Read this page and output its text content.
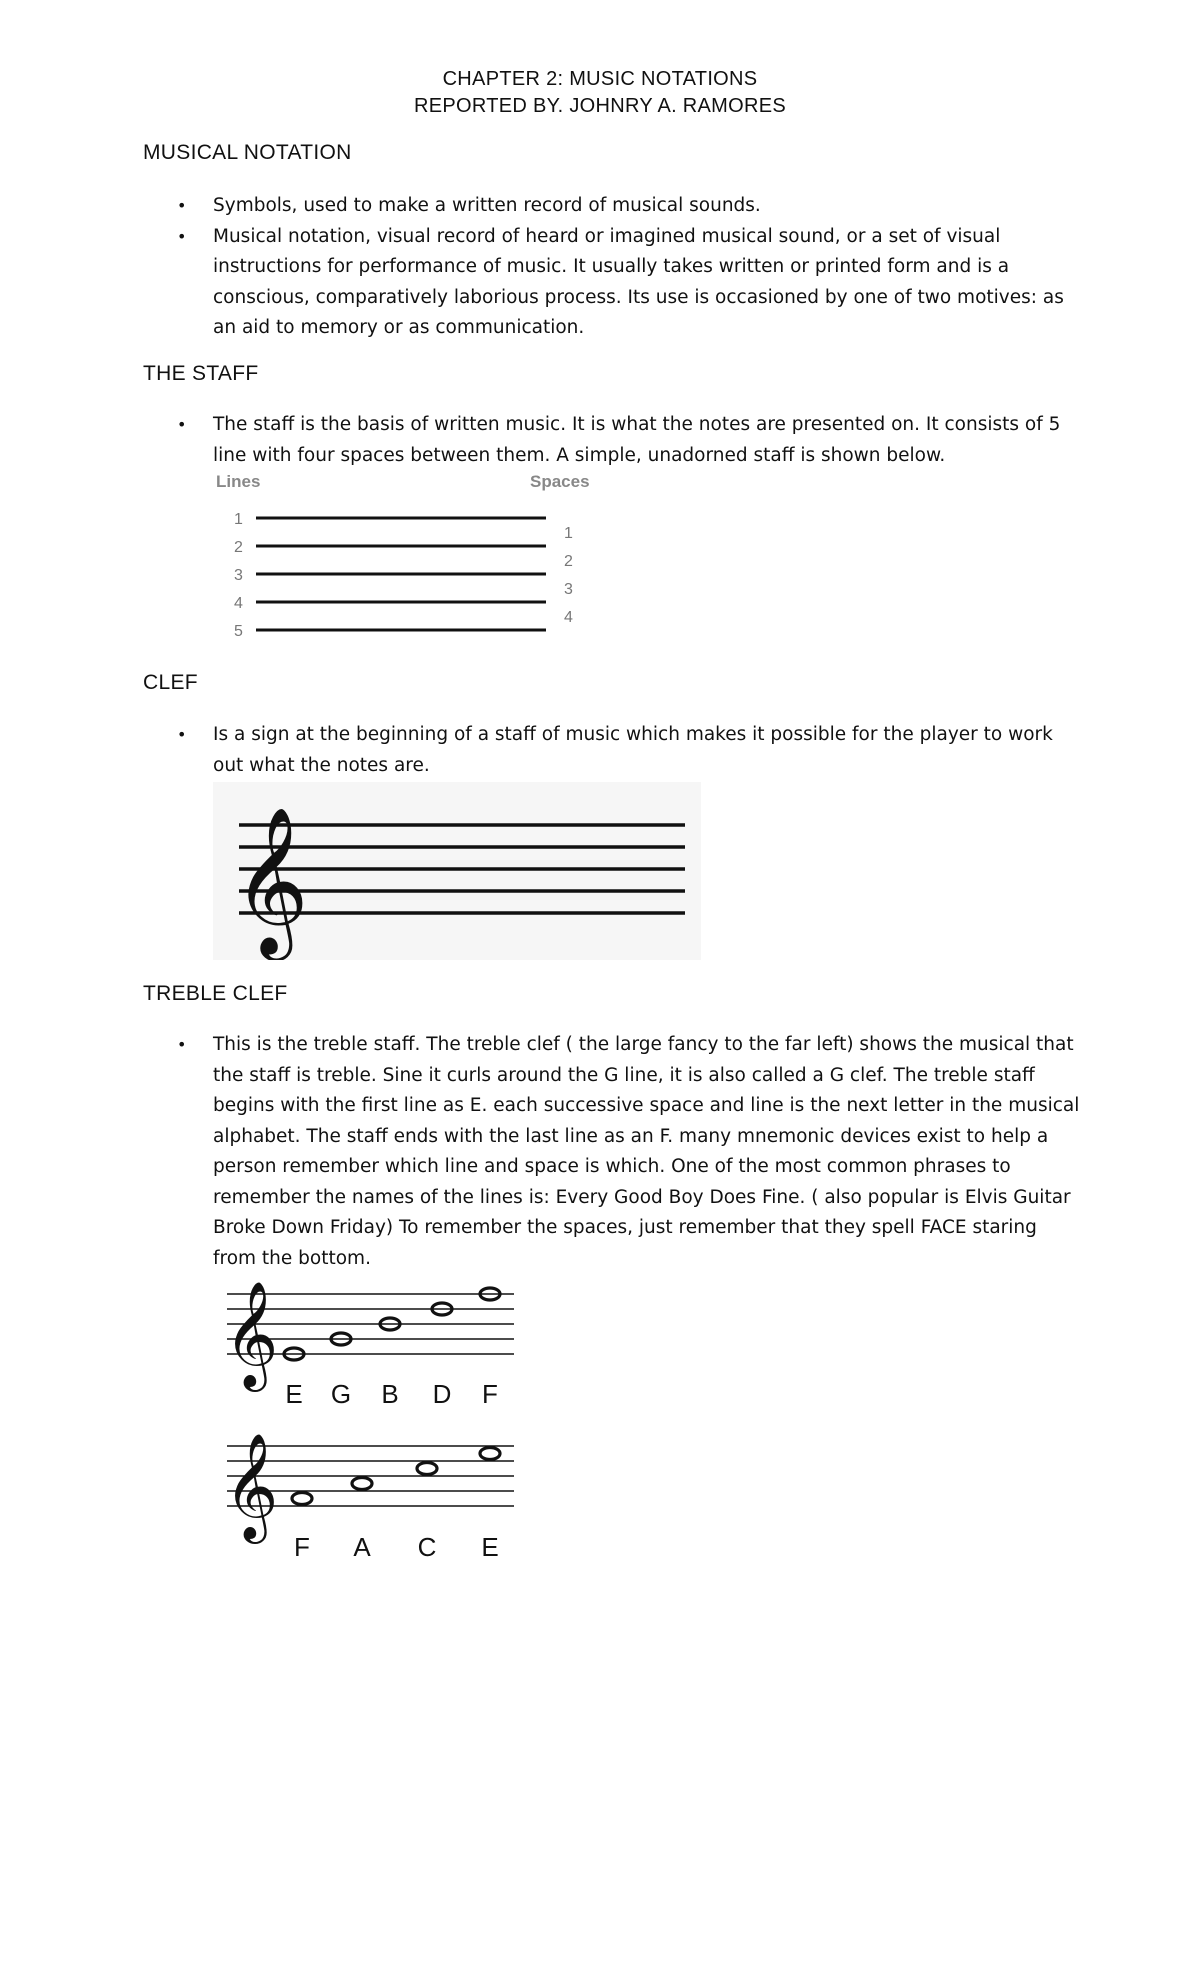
CHAPTER 2: MUSIC NOTATIONS
REPORTED BY. JOHNRY A. RAMORES
MUSICAL NOTATION
• Symbols, used to make a written record of musical sounds.
• Musical notation, visual record of heard or imagined musical sound, or a set of visual instructions for performance of music. It usually takes written or printed form and is a conscious, comparatively laborious process. Its use is occasioned by one of two motives: as an aid to memory or as communication.
THE STAFF
• The staff is the basis of written music. It is what the notes are presented on. It consists of 5 line with four spaces between them. A simple, unadorned staff is shown below.
Lines	Spaces
1
2
3
4
5
1
2
3
4
CLEF
• Is a sign at the beginning of a staff of music which makes it possible for the player to work out what the notes are.
𝄞
TREBLE CLEF
• This is the treble staff. The treble clef ( the large fancy to the far left) shows the musical that the staff is treble. Sine it curls around the G line, it is also called a G clef. The treble staff begins with the first line as E. each successive space and line is the next letter in the musical alphabet. The staff ends with the last line as an F. many mnemonic devices exist to help a person remember which line and space is which. One of the most common phrases to remember the names of the lines is: Every Good Boy Does Fine. ( also popular is Elvis Guitar Broke Down Friday) To remember the spaces, just remember that they spell FACE staring from the bottom.
𝄞
E G B D F
𝄞
F A C E
